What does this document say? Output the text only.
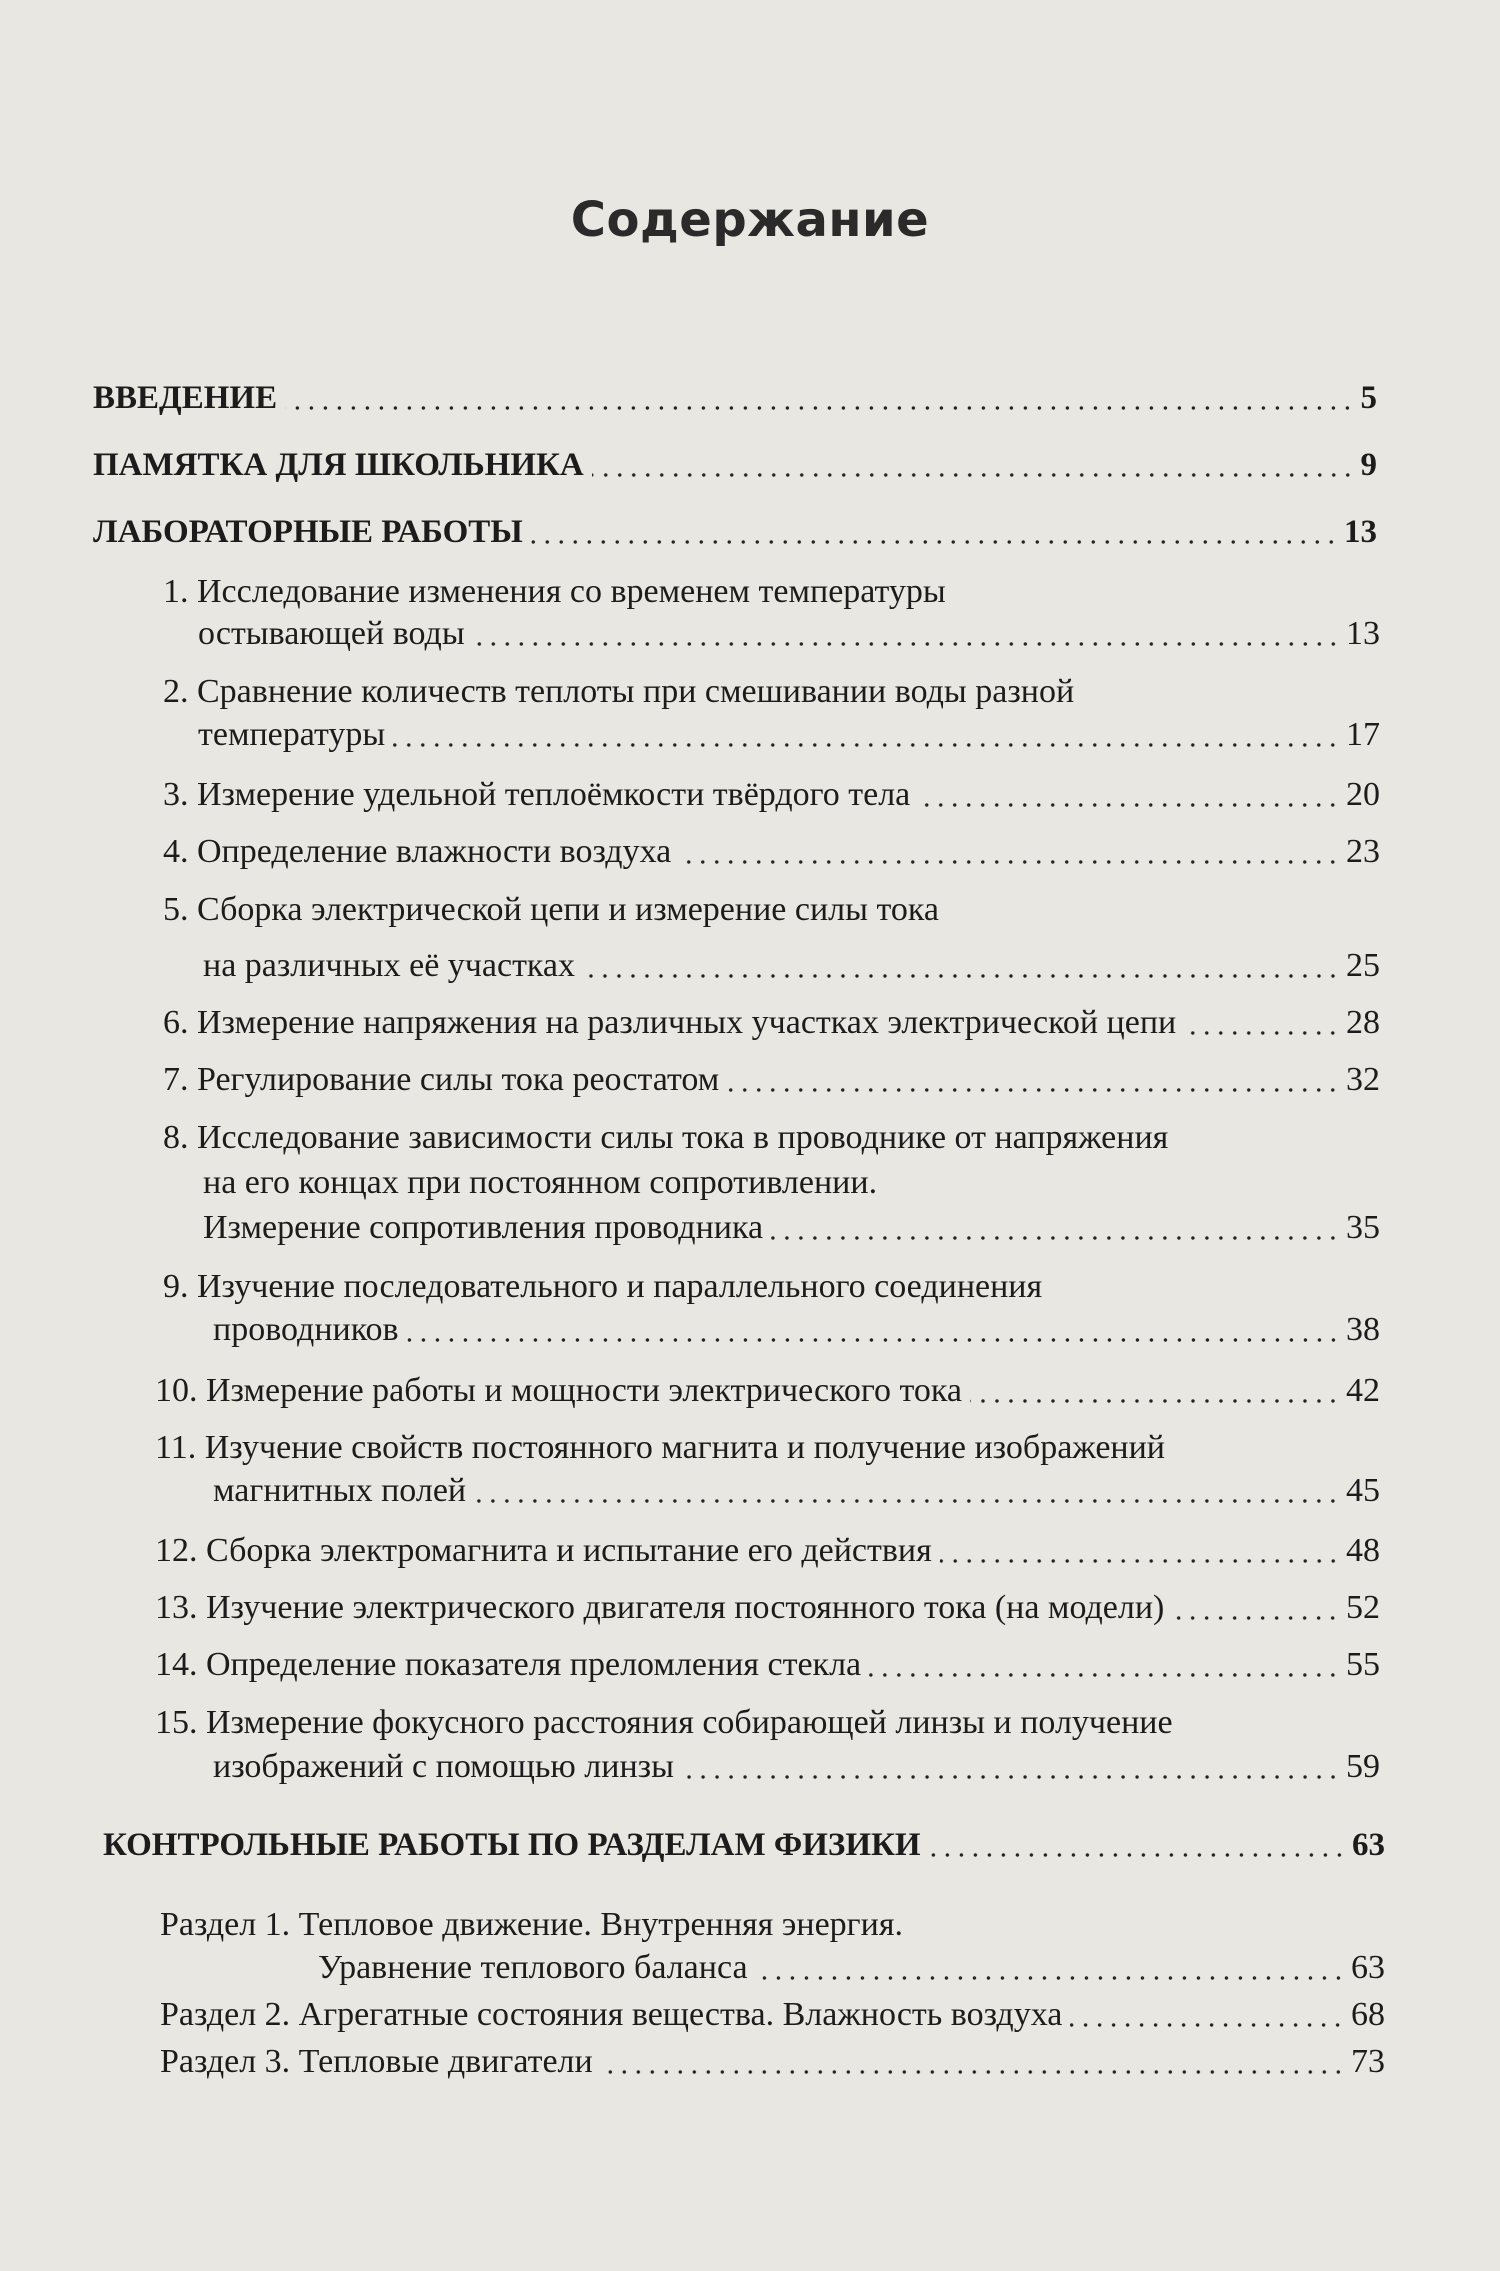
Содержание
ВВЕДЕНИЕ	5
ПАМЯТКА ДЛЯ ШКОЛЬНИКА	9
ЛАБОРАТОРНЫЕ РАБОТЫ	13
1. Исследование изменения со временем температуры
остывающей воды	13
2. Сравнение количеств теплоты при смешивании воды разной
температуры	17
3. Измерение удельной теплоёмкости твёрдого тела	20
4. Определение влажности воздуха	23
5. Сборка электрической цепи и измерение силы тока
на различных её участках	25
6. Измерение напряжения на различных участках электрической цепи	28
7. Регулирование силы тока реостатом	32
8. Исследование зависимости силы тока в проводнике от напряжения
на его концах при постоянном сопротивлении.
Измерение сопротивления проводника	35
9. Изучение последовательного и параллельного соединения
проводников	38
10. Измерение работы и мощности электрического тока	42
11. Изучение свойств постоянного магнита и получение изображений
магнитных полей	45
12. Сборка электромагнита и испытание его действия	48
13. Изучение электрического двигателя постоянного тока (на модели)	52
14. Определение показателя преломления стекла	55
15. Измерение фокусного расстояния собирающей линзы и получение
изображений с помощью линзы	59
КОНТРОЛЬНЫЕ РАБОТЫ ПО РАЗДЕЛАМ ФИЗИКИ	63
Раздел 1. Тепловое движение. Внутренняя энергия.
Уравнение теплового баланса	63
Раздел 2. Агрегатные состояния вещества. Влажность воздуха	68
Раздел 3. Тепловые двигатели	73
